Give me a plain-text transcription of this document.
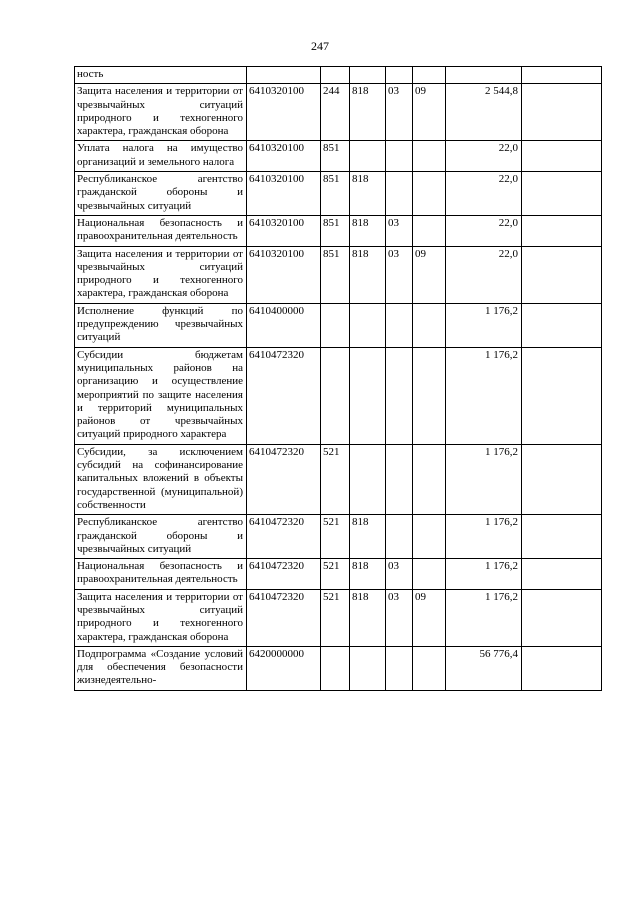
247
ность							
Защита населения и территории от чрезвычайных ситуаций природного и техногенного характера, гражданская оборона	6410320100	244	818	03	09	2 544,8	
Уплата налога на имущество организаций и земельного налога	6410320100	851				22,0	
Республиканское агентство гражданской обороны и чрезвычайных ситуаций	6410320100	851	818			22,0	
Национальная безопасность и правоохранительная деятельность	6410320100	851	818	03		22,0	
Защита населения и территории от чрезвычайных ситуаций природного и техногенного характера, гражданская оборона	6410320100	851	818	03	09	22,0	
Исполнение функций по предупреждению чрезвычайных ситуаций	6410400000					1 176,2	
Субсидии бюджетам муниципальных районов на организацию и осуществление мероприятий по защите населения и территорий муниципальных районов от чрезвычайных ситуаций природного характера	6410472320					1 176,2	
Субсидии, за исключением субсидий на софинансирование капитальных вложений в объекты государственной (муниципальной) собственности	6410472320	521				1 176,2	
Республиканское агентство гражданской обороны и чрезвычайных ситуаций	6410472320	521	818			1 176,2	
Национальная безопасность и правоохранительная деятельность	6410472320	521	818	03		1 176,2	
Защита населения и территории от чрезвычайных ситуаций природного и техногенного характера, гражданская оборона	6410472320	521	818	03	09	1 176,2	
Подпрограмма «Создание условий для обеспечения безопасности жизнедеятельно-	6420000000					56 776,4	
